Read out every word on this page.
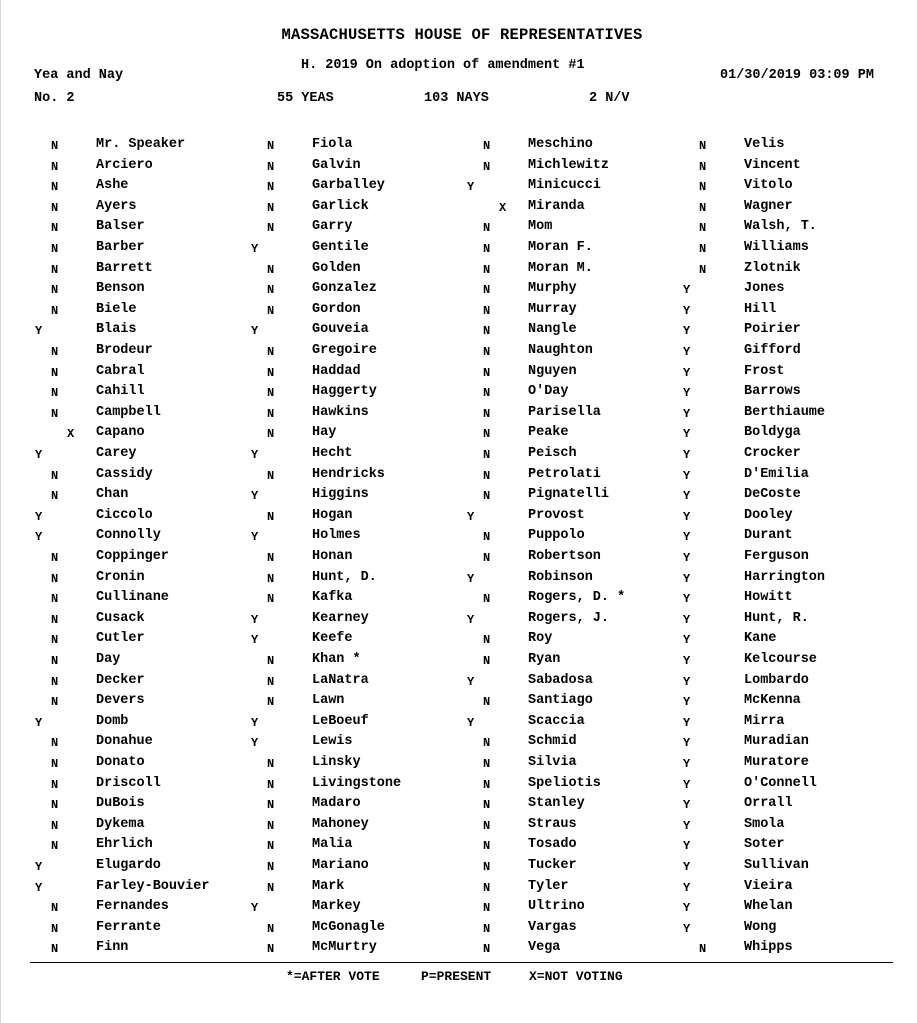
MASSACHUSETTS HOUSE OF REPRESENTATIVES
H. 2019 On adoption of amendment #1
Yea and Nay	01/30/2019 03:09 PM
No. 2	55 YEAS	103 NAYS	2 N/V
N	Mr. Speaker	N	Fiola	N	Meschino	N	Velis
N	Arciero	N	Galvin	N	Michlewitz	N	Vincent
N	Ashe	N	Garballey	Y	Minicucci	N	Vitolo
N	Ayers	N	Garlick	X Miranda	N	Wagner
N	Balser	N	Garry	N	Mom	N	Walsh, T.
N	Barber	Y	Gentile	N	Moran F.	N	Williams
N	Barrett	N	Golden	N	Moran M.	N	Zlotnik
N	Benson	N	Gonzalez	N	Murphy	Y	Jones
N	Biele	N	Gordon	N	Murray	Y	Hill
Y	Blais	Y	Gouveia	N	Nangle	Y	Poirier
N	Brodeur	N	Gregoire	N	Naughton	Y	Gifford
N	Cabral	N	Haddad	N	Nguyen	Y	Frost
N	Cahill	N	Haggerty	N	O'Day	Y	Barrows
N	Campbell	N	Hawkins	N	Parisella	Y	Berthiaume
X Capano	N	Hay	N	Peake	Y	Boldyga
Y	Carey	Y	Hecht	N	Peisch	Y	Crocker
N	Cassidy	N	Hendricks	N	Petrolati	Y	D'Emilia
N	Chan	Y	Higgins	N	Pignatelli	Y	DeCoste
Y	Ciccolo	N	Hogan	Y	Provost	Y	Dooley
Y	Connolly	Y	Holmes	N	Puppolo	Y	Durant
N	Coppinger	N	Honan	N	Robertson	Y	Ferguson
N	Cronin	N	Hunt, D.	Y	Robinson	Y	Harrington
N	Cullinane	N	Kafka	N	Rogers, D. *	Y	Howitt
N	Cusack	Y	Kearney	Y	Rogers, J.	Y	Hunt, R.
N	Cutler	Y	Keefe	N	Roy	Y	Kane
N	Day	N	Khan *	N	Ryan	Y	Kelcourse
N	Decker	N	LaNatra	Y	Sabadosa	Y	Lombardo
N	Devers	N	Lawn	N	Santiago	Y	McKenna
Y	Domb	Y	LeBoeuf	Y	Scaccia	Y	Mirra
N	Donahue	Y	Lewis	N	Schmid	Y	Muradian
N	Donato	N	Linsky	N	Silvia	Y	Muratore
N	Driscoll	N	Livingstone	N	Speliotis	Y	O'Connell
N	DuBois	N	Madaro	N	Stanley	Y	Orrall
N	Dykema	N	Mahoney	N	Straus	Y	Smola
N	Ehrlich	N	Malia	N	Tosado	Y	Soter
Y	Elugardo	N	Mariano	N	Tucker	Y	Sullivan
Y	Farley-Bouvier	N	Mark	N	Tyler	Y	Vieira
N	Fernandes	Y	Markey	N	Ultrino	Y	Whelan
N	Ferrante	N	McGonagle	N	Vargas	Y	Wong
N	Finn	N	McMurtry	N	Vega	N	Whipps
*=AFTER VOTE	P=PRESENT	X=NOT VOTING
